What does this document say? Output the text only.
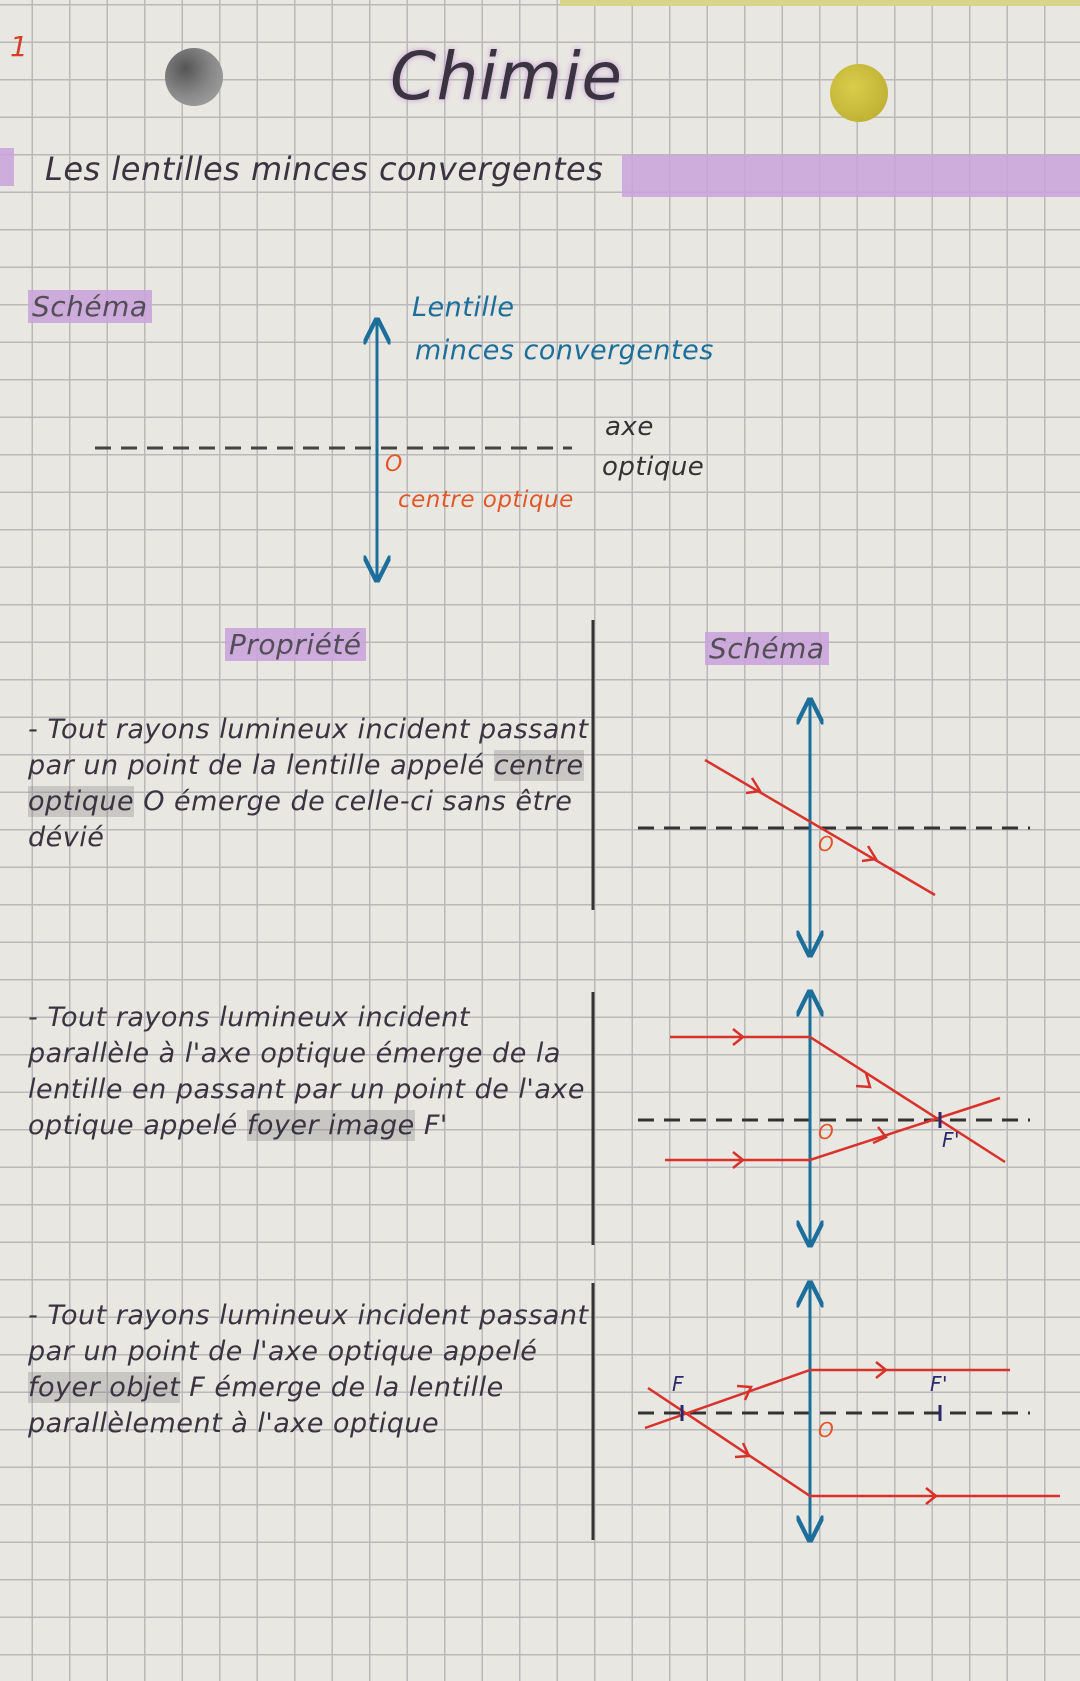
1	Chimie
Les lentilles minces convergentes
Schéma	Lentille
minces convergentes
axe
optique
O
centre optique
Propriété	Schéma
- Tout rayons lumineux incident passant par un point de la lentille appelé centre optique O émerge de celle-ci sans être dévié	O
- Tout rayons lumineux incident parallèle à l'axe optique émerge de la lentille en passant par un point de l'axe optique appelé foyer image F'	O	F'
- Tout rayons lumineux incident passant par un point de l'axe optique appelé foyer objet F émerge de la lentille parallèlement à l'axe optique	O
F	F'
